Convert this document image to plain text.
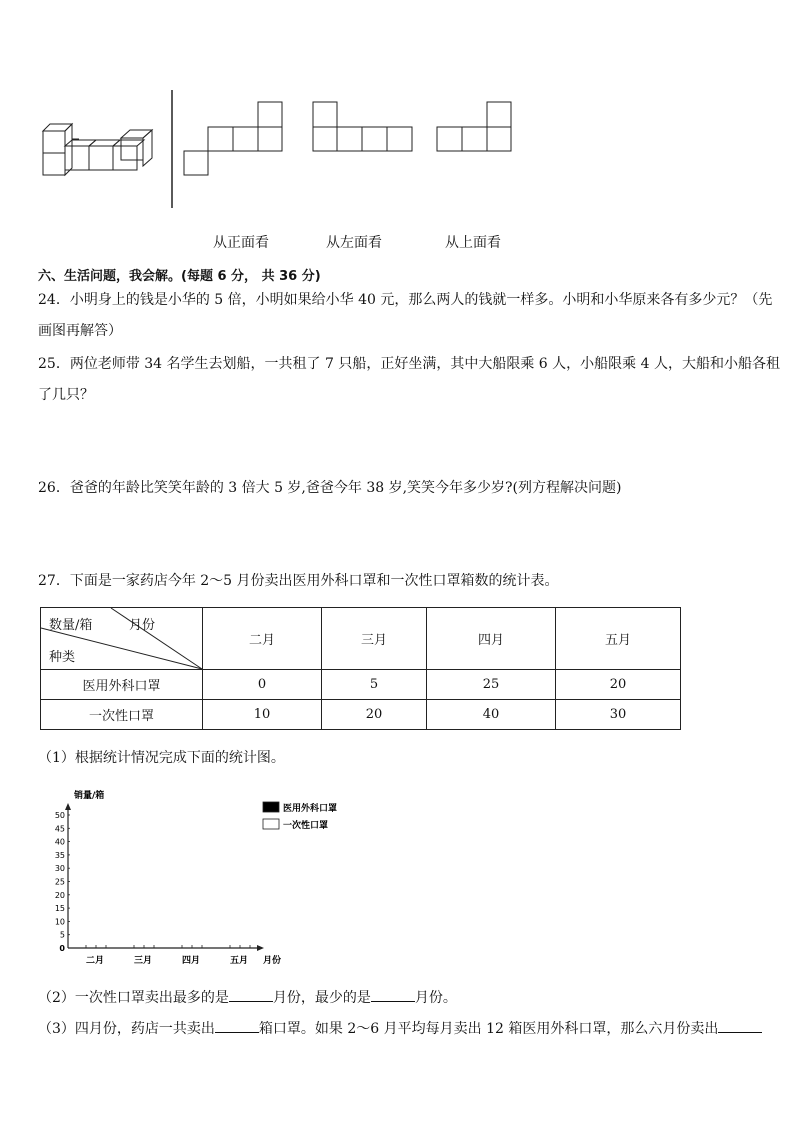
从正面看	从左面看	从上面看
六、生活问题，我会解。(每题 6 分， 共 36 分)
24．小明身上的钱是小华的 5 倍，小明如果给小华 40 元，那么两人的钱就一样多。小明和小华原来各有多少元？（先
画图再解答）
25．两位老师带 34 名学生去划船，一共租了 7 只船，正好坐满，其中大船限乘 6 人，小船限乘 4 人，大船和小船各租
了几只？
26．爸爸的年龄比笑笑年龄的 3 倍大 5 岁,爸爸今年 38 岁,笑笑今年多少岁?(列方程解决问题)
27．下面是一家药店今年 2～5 月份卖出医用外科口罩和一次性口罩箱数的统计表。
数量/箱 月份
种类	二月	三月	四月	五月
医用外科口罩	0	5	25	20
一次性口罩	10	20	40	30
（1）根据统计情况完成下面的统计图。
销量/箱
0
5
10
15
20
25
30
35
40
45
50
二月	三月	四月	五月 月份
医用外科口罩
一次性口罩
（2）一次性口罩卖出最多的是	月份，最少的是	月份。
（3）四月份，药店一共卖出	箱口罩。如果 2～6 月平均每月卖出 12 箱医用外科口罩，那么六月份卖出
